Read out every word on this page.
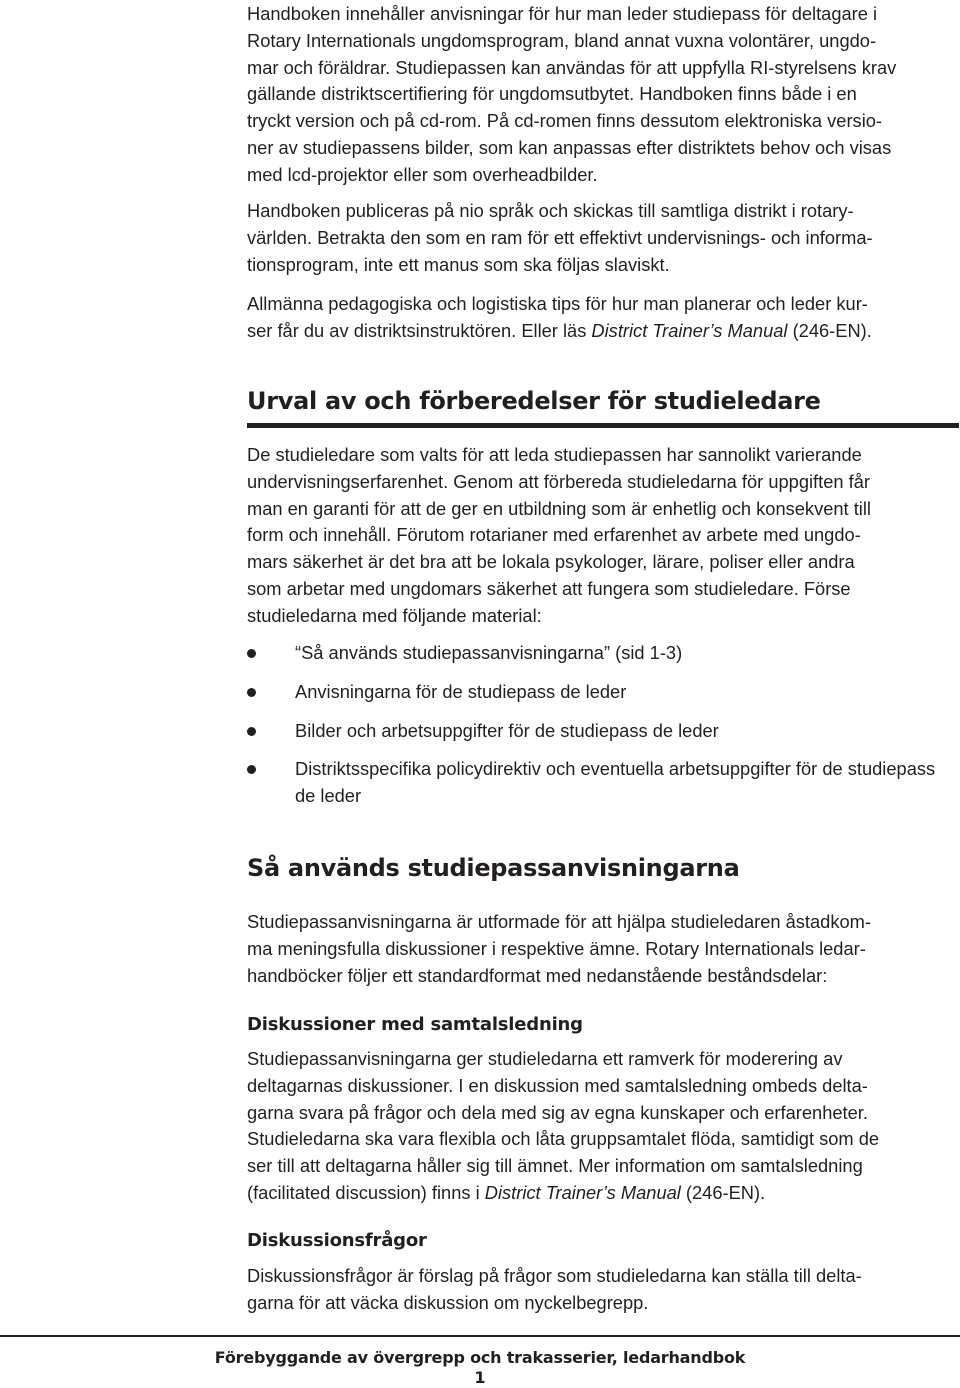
Handboken innehåller anvisningar för hur man leder studiepass för deltagare i
Rotary Internationals ungdomsprogram, bland annat vuxna volontärer, ungdo-
mar och föräldrar. Studiepassen kan användas för att uppfylla RI-styrelsens krav
gällande distriktscertifiering för ungdomsutbytet. Handboken finns både i en
tryckt version och på cd-rom. På cd-romen finns dessutom elektroniska versio-
ner av studiepassens bilder, som kan anpassas efter distriktets behov och visas
med lcd-projektor eller som overheadbilder.

Handboken publiceras på nio språk och skickas till samtliga distrikt i rotary-
världen. Betrakta den som en ram för ett effektivt undervisnings- och informa-
tionsprogram, inte ett manus som ska följas slaviskt.

Allmänna pedagogiska och logistiska tips för hur man planerar och leder kur-
ser får du av distriktsinstruktören. Eller läs District Trainer’s Manual (246-EN).

Urval av och förberedelser för studieledare

De studieledare som valts för att leda studiepassen har sannolikt varierande
undervisningserfarenhet. Genom att förbereda studieledarna för uppgiften får
man en garanti för att de ger en utbildning som är enhetlig och konsekvent till
form och innehåll. Förutom rotarianer med erfarenhet av arbete med ungdo-
mars säkerhet är det bra att be lokala psykologer, lärare, poliser eller andra
som arbetar med ungdomars säkerhet att fungera som studieledare. Förse
studieledarna med följande material:

“Så används studiepassanvisningarna” (sid 1-3)
Anvisningarna för de studiepass de leder
Bilder och arbetsuppgifter för de studiepass de leder
Distriktsspecifika policydirektiv och eventuella arbetsuppgifter för de studiepass de leder
Så används studiepassanvisningarna

Studiepassanvisningarna är utformade för att hjälpa studieledaren åstadkom-
ma meningsfulla diskussioner i respektive ämne. Rotary Internationals ledar-
handböcker följer ett standardformat med nedanstående beståndsdelar:

Diskussioner med samtalsledning

Studiepassanvisningarna ger studieledarna ett ramverk för moderering av
deltagarnas diskussioner. I en diskussion med samtalsledning ombeds delta-
garna svara på frågor och dela med sig av egna kunskaper och erfarenheter.
Studieledarna ska vara flexibla och låta gruppsamtalet flöda, samtidigt som de
ser till att deltagarna håller sig till ämnet. Mer information om samtalsledning
(facilitated discussion) finns i District Trainer’s Manual (246-EN).

Diskussionsfrågor

Diskussionsfrågor är förslag på frågor som studieledarna kan ställa till delta-
garna för att väcka diskussion om nyckelbegrepp.

Förebyggande av övergrepp och trakasserier, ledarhandbok
1
